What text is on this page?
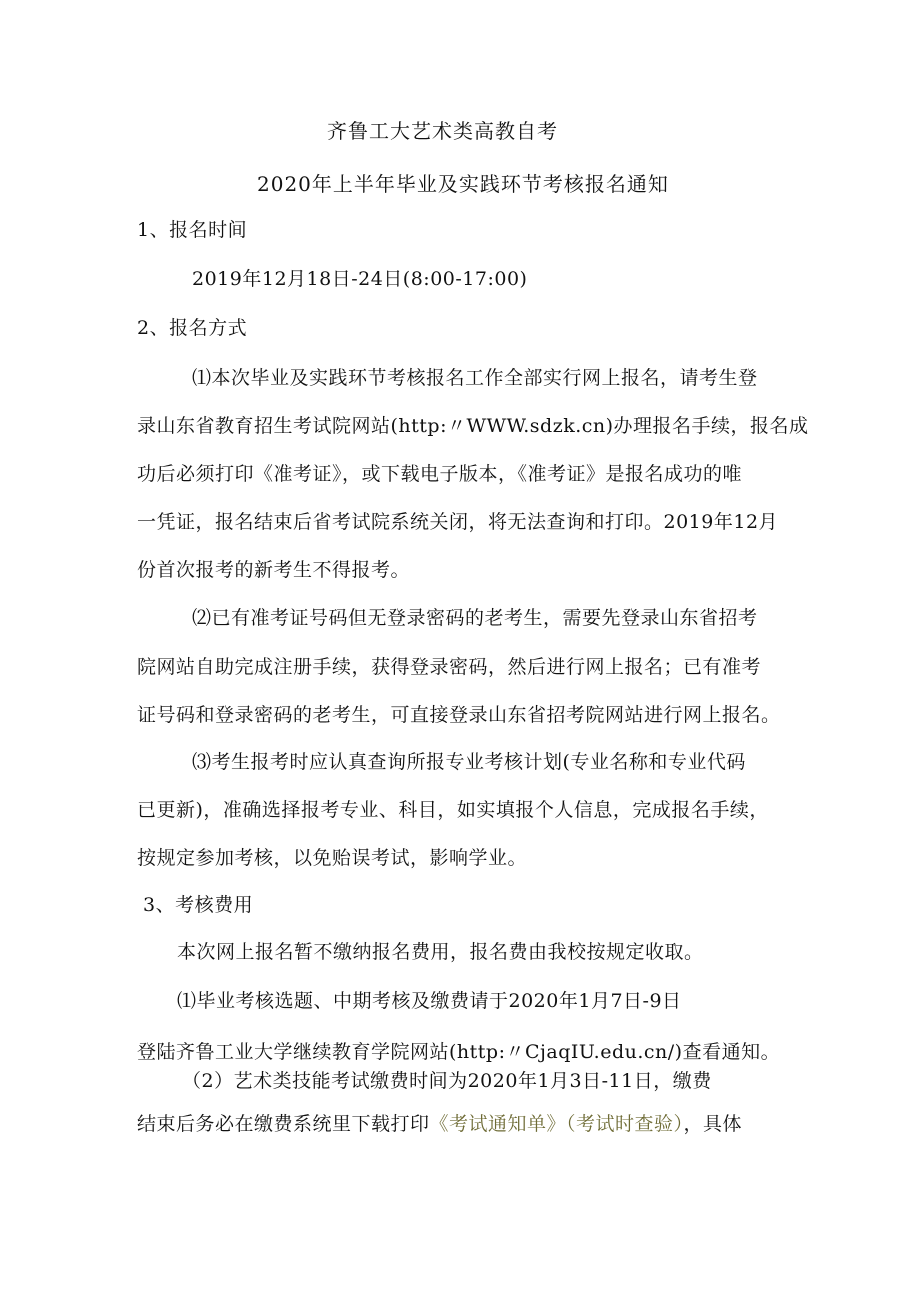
齐鲁工大艺术类高教自考
2020年上半年毕业及实践环节考核报名通知
1、报名时间
2019年12月18日-24日(8:00-17:00)
2、报名方式
⑴本次毕业及实践环节考核报名工作全部实行网上报名，请考生登
录山东省教育招生考试院网站(http:〃WWW.sdzk.cn)办理报名手续，报名成
功后必须打印《准考证》，或下载电子版本，《准考证》是报名成功的唯
一凭证，报名结束后省考试院系统关闭，将无法查询和打印。2019年12月
份首次报考的新考生不得报考。
⑵已有准考证号码但无登录密码的老考生，需要先登录山东省招考
院网站自助完成注册手续，获得登录密码，然后进行网上报名；已有准考
证号码和登录密码的老考生，可直接登录山东省招考院网站进行网上报名。
⑶考生报考时应认真查询所报专业考核计划(专业名称和专业代码
已更新)，准确选择报考专业、科目，如实填报个人信息，完成报名手续，
按规定参加考核，以免贻误考试，影响学业。
3、考核费用
本次网上报名暂不缴纳报名费用，报名费由我校按规定收取。
⑴毕业考核选题、中期考核及缴费请于2020年1月7日-9日
登陆齐鲁工业大学继续教育学院网站(http:〃CjaqIU.edu.cn/)查看通知。
（2）艺术类技能考试缴费时间为2020年1月3日-11日，缴费
结束后务必在缴费系统里下载打印《考试通知单》（考试时查验），具体
